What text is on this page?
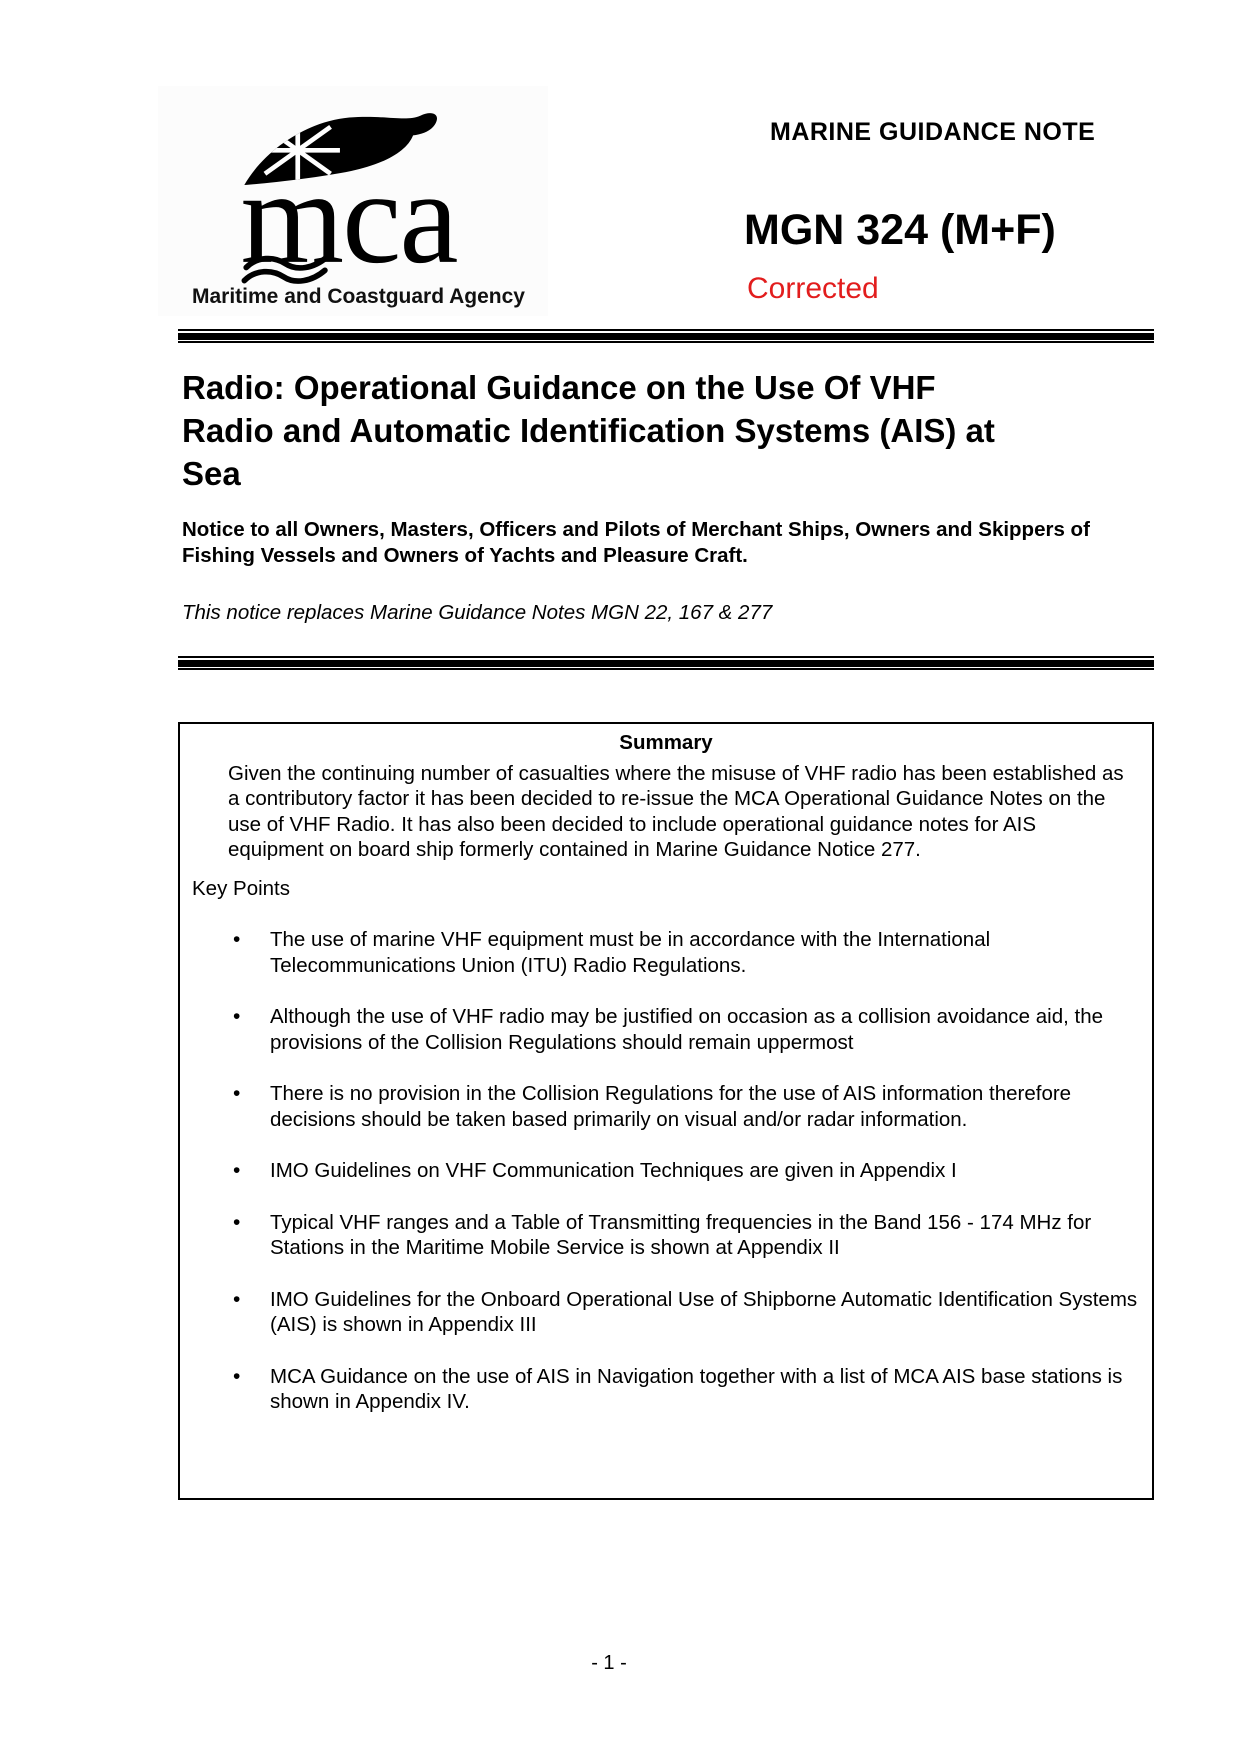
mca
Maritime and Coastguard Agency
MARINE GUIDANCE NOTE
MGN 324 (M+F)
Corrected
Radio: Operational Guidance on the Use Of VHF
Radio and Automatic Identification Systems (AIS) at
Sea
Notice to all Owners, Masters, Officers and Pilots of Merchant Ships, Owners and Skippers of Fishing Vessels and Owners of Yachts and Pleasure Craft.
This notice replaces Marine Guidance Notes MGN 22, 167 & 277
Summary
Given the continuing number of casualties where the misuse of VHF radio has been established as a contributory factor it has been decided to re-issue the MCA Operational Guidance Notes on the use of VHF Radio. It has also been decided to include operational guidance notes for AIS equipment on board ship formerly contained in Marine Guidance Notice 277.
Key Points
• The use of marine VHF equipment must be in accordance with the International Telecommunications Union (ITU) Radio Regulations.
• Although the use of VHF radio may be justified on occasion as a collision avoidance aid, the provisions of the Collision Regulations should remain uppermost
• There is no provision in the Collision Regulations for the use of AIS information therefore decisions should be taken based primarily on visual and/or radar information.
• IMO Guidelines on VHF Communication Techniques are given in Appendix I
• Typical VHF ranges and a Table of Transmitting frequencies in the Band 156 - 174 MHz for Stations in the Maritime Mobile Service is shown at Appendix II
• IMO Guidelines for the Onboard Operational Use of Shipborne Automatic Identification Systems (AIS) is shown in Appendix III
• MCA Guidance on the use of AIS in Navigation together with a list of MCA AIS base stations is shown in Appendix IV.
- 1 -
